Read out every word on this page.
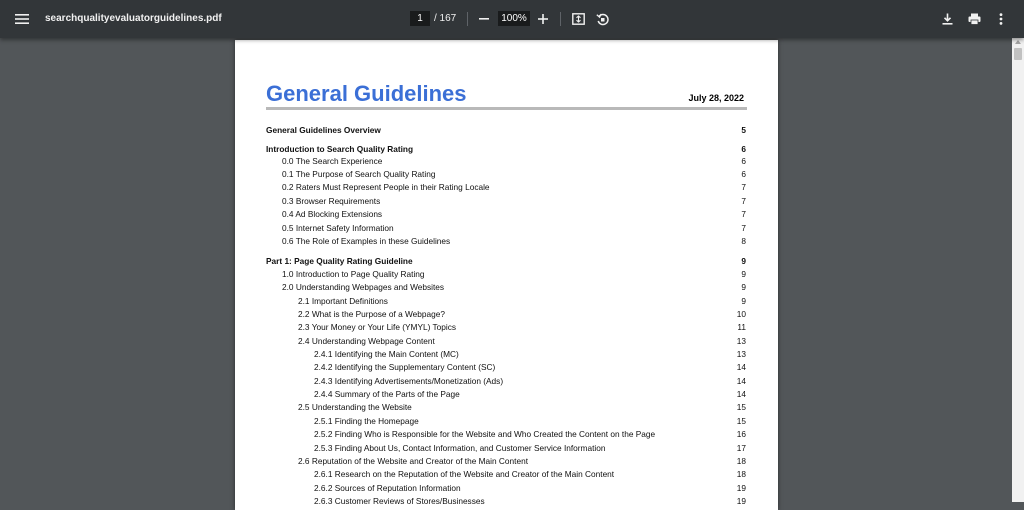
searchqualityevaluatorguidelines.pdf	1	/ 167	100%
General Guidelines	July 28, 2022
General Guidelines Overview	5
Introduction to Search Quality Rating	6
0.0 The Search Experience	6
0.1 The Purpose of Search Quality Rating	6
0.2 Raters Must Represent People in their Rating Locale	7
0.3 Browser Requirements	7
0.4 Ad Blocking Extensions	7
0.5 Internet Safety Information	7
0.6 The Role of Examples in these Guidelines	8
Part 1: Page Quality Rating Guideline	9
1.0 Introduction to Page Quality Rating	9
2.0 Understanding Webpages and Websites	9
2.1 Important Definitions	9
2.2 What is the Purpose of a Webpage?	10
2.3 Your Money or Your Life (YMYL) Topics	11
2.4 Understanding Webpage Content	13
2.4.1 Identifying the Main Content (MC)	13
2.4.2 Identifying the Supplementary Content (SC)	14
2.4.3 Identifying Advertisements/Monetization (Ads)	14
2.4.4 Summary of the Parts of the Page	14
2.5 Understanding the Website	15
2.5.1 Finding the Homepage	15
2.5.2 Finding Who is Responsible for the Website and Who Created the Content on the Page	16
2.5.3 Finding About Us, Contact Information, and Customer Service Information	17
2.6 Reputation of the Website and Creator of the Main Content	18
2.6.1 Research on the Reputation of the Website and Creator of the Main Content	18
2.6.2 Sources of Reputation Information	19
2.6.3 Customer Reviews of Stores/Businesses	19
